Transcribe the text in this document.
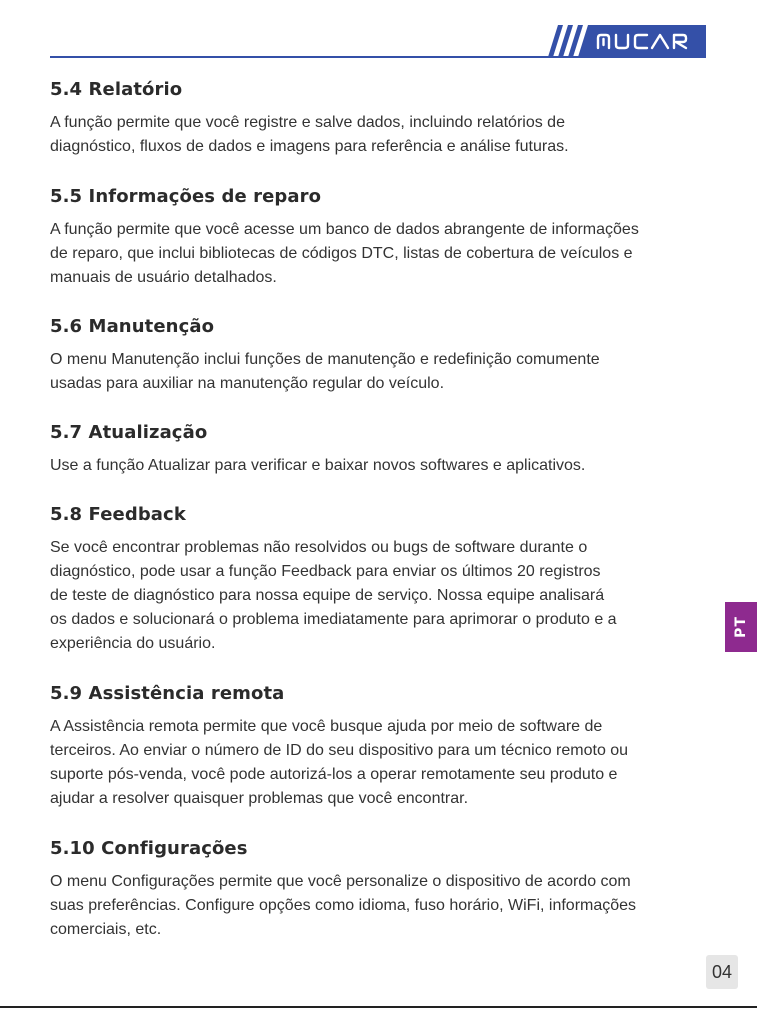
5.4 Relatório

A função permite que você registre e salve dados, incluindo relatórios de
diagnóstico, fluxos de dados e imagens para referência e análise futuras.

5.5 Informações de reparo

A função permite que você acesse um banco de dados abrangente de informações
de reparo, que inclui bibliotecas de códigos DTC, listas de cobertura de veículos e
manuais de usuário detalhados.

5.6 Manutenção

O menu Manutenção inclui funções de manutenção e redefinição comumente
usadas para auxiliar na manutenção regular do veículo.

5.7 Atualização

Use a função Atualizar para verificar e baixar novos softwares e aplicativos.

5.8 Feedback

Se você encontrar problemas não resolvidos ou bugs de software durante o
diagnóstico, pode usar a função Feedback para enviar os últimos 20 registros
de teste de diagnóstico para nossa equipe de serviço. Nossa equipe analisará
os dados e solucionará o problema imediatamente para aprimorar o produto e a
experiência do usuário.

5.9 Assistência remota

A Assistência remota permite que você busque ajuda por meio de software de
terceiros. Ao enviar o número de ID do seu dispositivo para um técnico remoto ou
suporte pós-venda, você pode autorizá-los a operar remotamente seu produto e
ajudar a resolver quaisquer problemas que você encontrar.

5.10 Configurações

O menu Configurações permite que você personalize o dispositivo de acordo com
suas preferências. Configure opções como idioma, fuso horário, WiFi, informações
comerciais, etc.

PT
04
